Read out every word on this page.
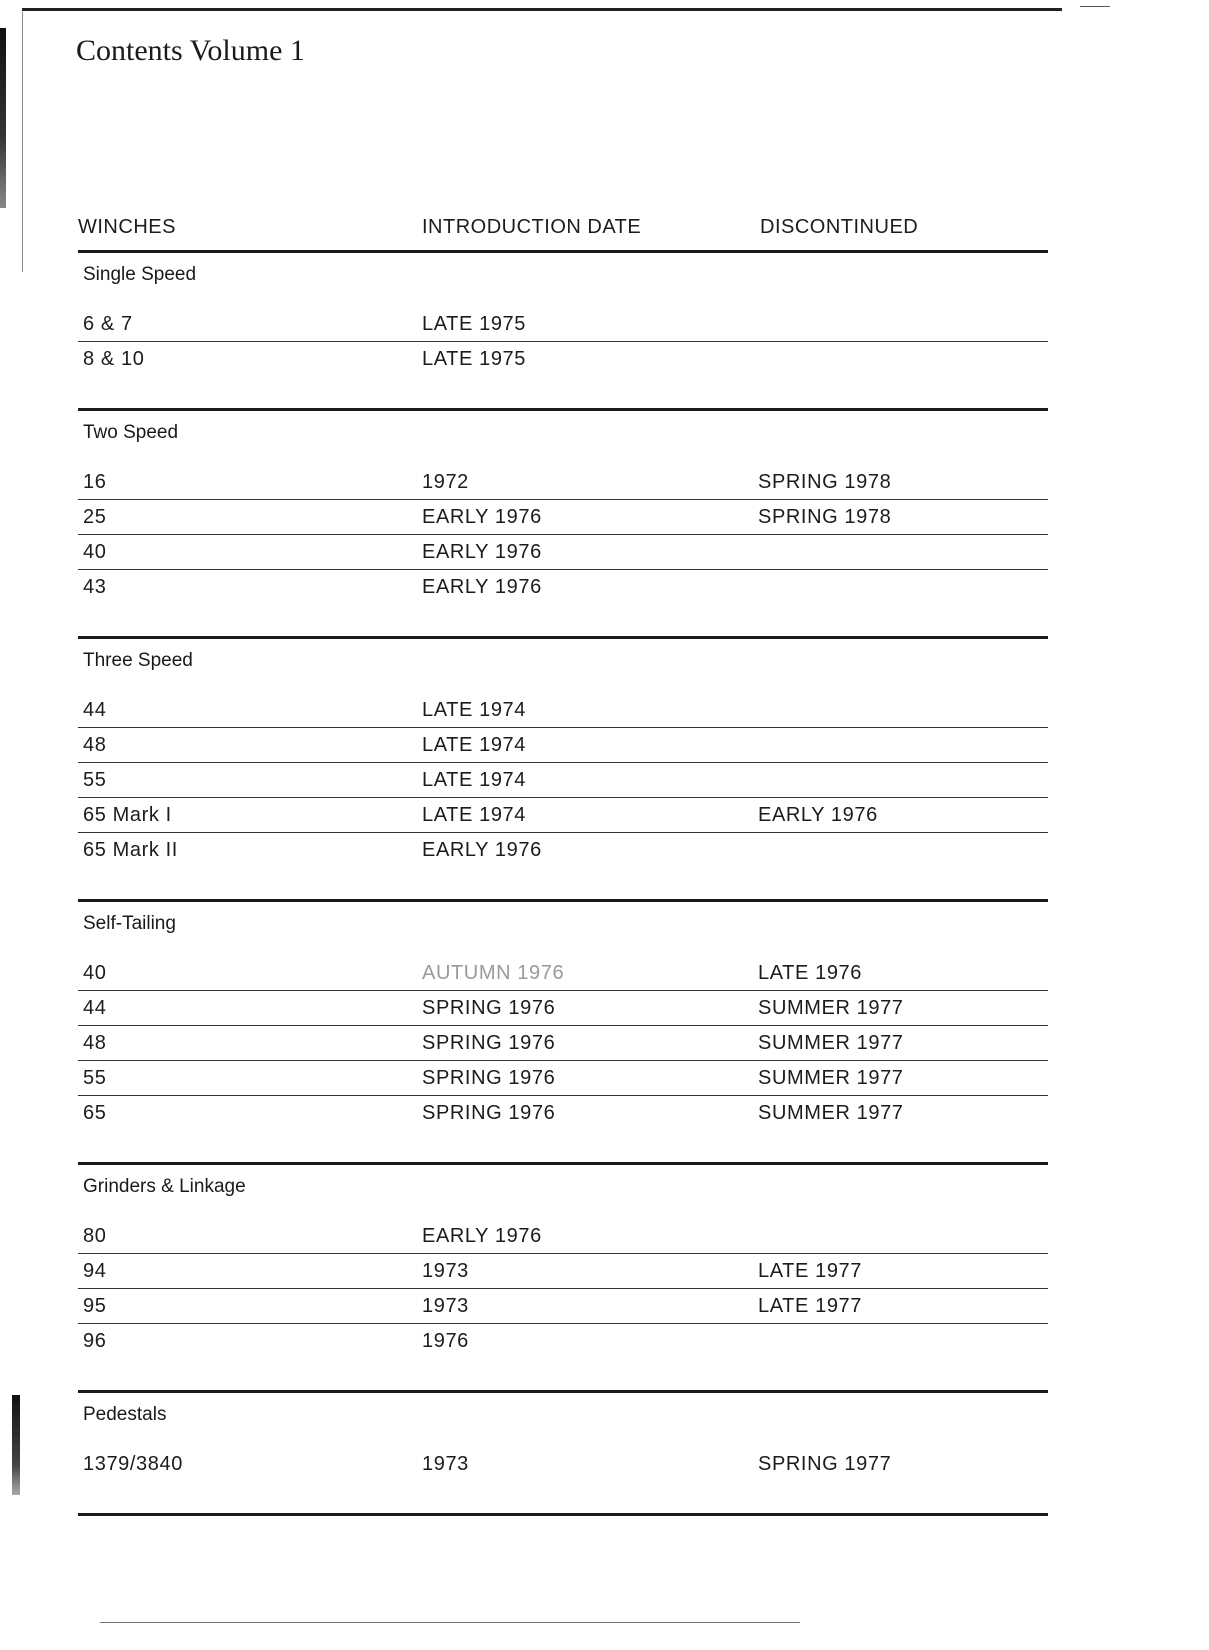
Contents Volume 1
WINCHES	INTRODUCTION DATE	DISCONTINUED
Single Speed
6 & 7	LATE 1975
8 & 10	LATE 1975
Two Speed
16	1972	SPRING 1978
25	EARLY 1976	SPRING 1978
40	EARLY 1976
43	EARLY 1976
Three Speed
44	LATE 1974
48	LATE 1974
55	LATE 1974
65 Mark I	LATE 1974	EARLY 1976
65 Mark II	EARLY 1976
Self-Tailing
40	AUTUMN 1976	LATE 1976
44	SPRING 1976	SUMMER 1977
48	SPRING 1976	SUMMER 1977
55	SPRING 1976	SUMMER 1977
65	SPRING 1976	SUMMER 1977
Grinders & Linkage
80	EARLY 1976
94	1973	LATE 1977
95	1973	LATE 1977
96	1976
Pedestals
1379/3840	1973	SPRING 1977
